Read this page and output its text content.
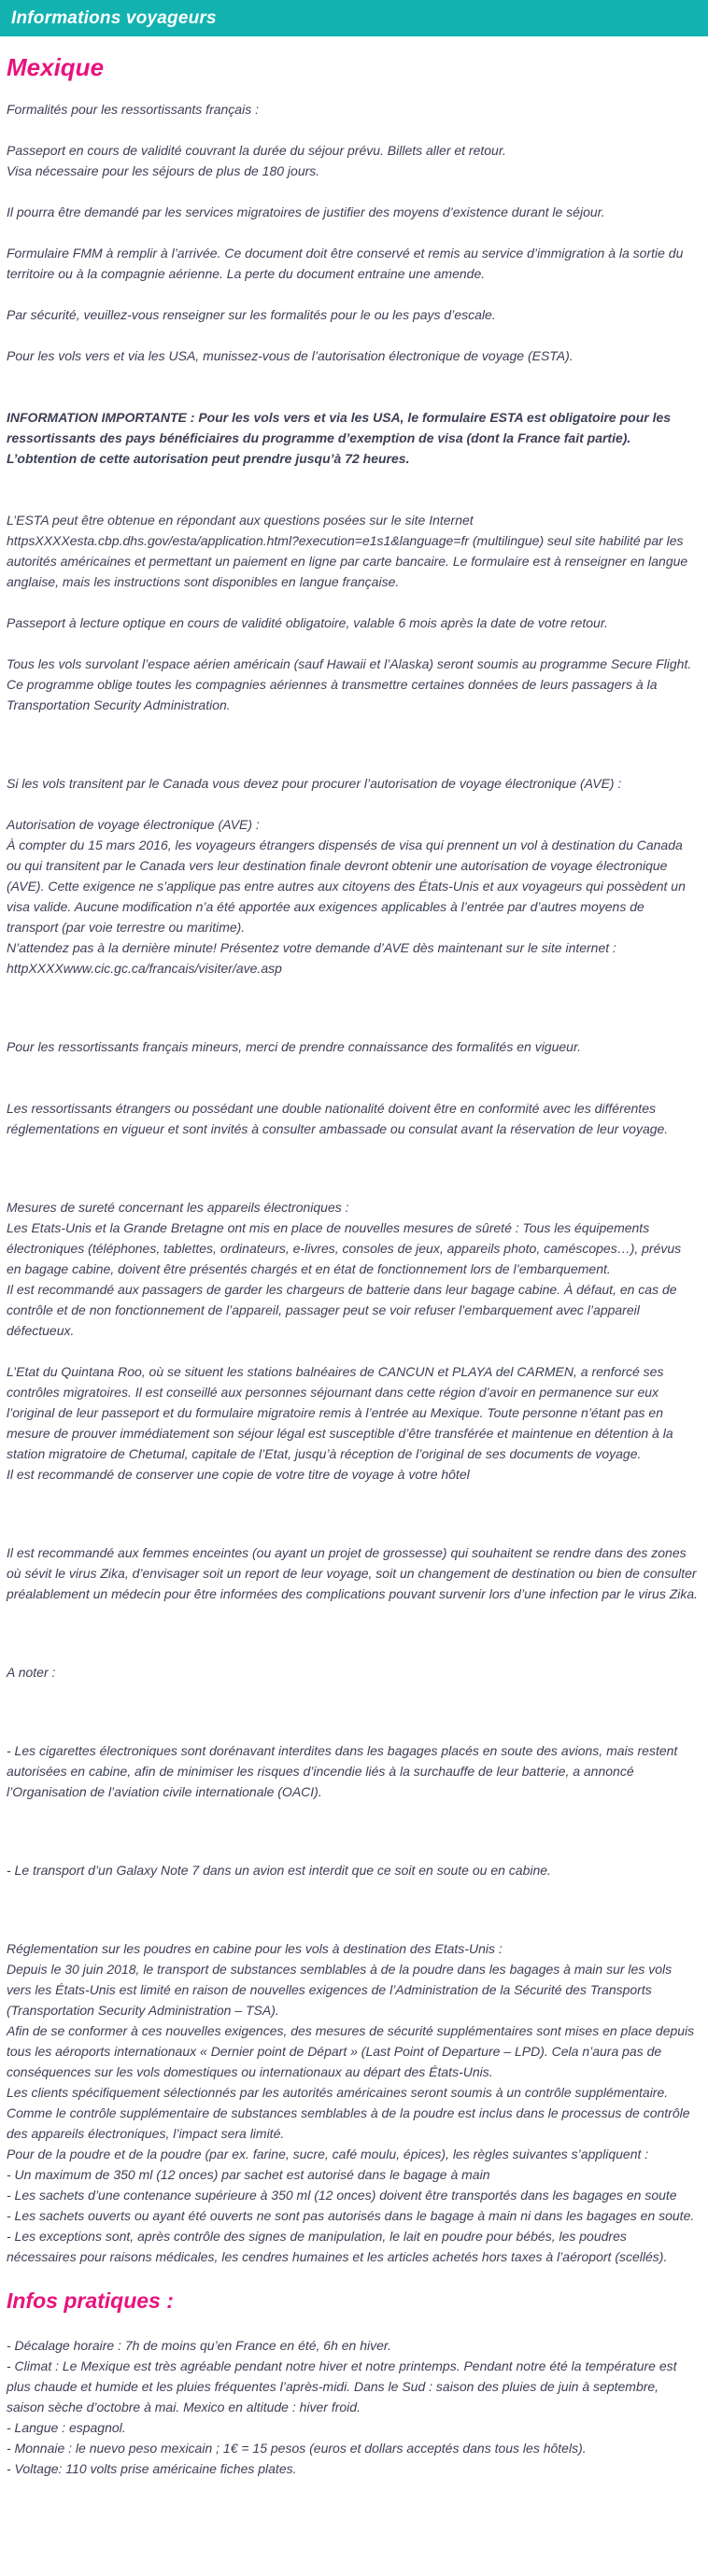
Informations voyageurs
Mexique

Formalités pour les ressortissants français :

Passeport en cours de validité couvrant la durée du séjour prévu. Billets aller et retour.
Visa nécessaire pour les séjours de plus de 180 jours.

Il pourra être demandé par les services migratoires de justifier des moyens d’existence durant le séjour.

Formulaire FMM à remplir à l’arrivée. Ce document doit être conservé et remis au service d’immigration à la sortie du territoire ou à la compagnie aérienne. La perte du document entraine une amende.

Par sécurité, veuillez-vous renseigner sur les formalités pour le ou les pays d’escale.

Pour les vols vers et via les USA, munissez-vous de l’autorisation électronique de voyage (ESTA).

INFORMATION IMPORTANTE : Pour les vols vers et via les USA, le formulaire ESTA est obligatoire pour les ressortissants des pays bénéficiaires du programme d’exemption de visa (dont la France fait partie). L’obtention de cette autorisation peut prendre jusqu’à 72 heures.

L’ESTA peut être obtenue en répondant aux questions posées sur le site Internet httpsXXXXesta.cbp.dhs.gov/esta/application.html?execution=e1s1&language=fr (multilingue) seul site habilité par les autorités américaines et permettant un paiement en ligne par carte bancaire. Le formulaire est à renseigner en langue anglaise, mais les instructions sont disponibles en langue française.

Passeport à lecture optique en cours de validité obligatoire, valable 6 mois après la date de votre retour.

Tous les vols survolant l’espace aérien américain (sauf Hawaii et l’Alaska) seront soumis au programme Secure Flight. Ce programme oblige toutes les compagnies aériennes à transmettre certaines données de leurs passagers à la Transportation Security Administration.

Si les vols transitent par le Canada vous devez pour procurer l’autorisation de voyage électronique (AVE) :

Autorisation de voyage électronique (AVE) :
À compter du 15 mars 2016, les voyageurs étrangers dispensés de visa qui prennent un vol à destination du Canada ou qui transitent par le Canada vers leur destination finale devront obtenir une autorisation de voyage électronique (AVE). Cette exigence ne s’applique pas entre autres aux citoyens des États-Unis et aux voyageurs qui possèdent un visa valide. Aucune modification n’a été apportée aux exigences applicables à l’entrée par d’autres moyens de transport (par voie terrestre ou maritime).
N’attendez pas à la dernière minute! Présentez votre demande d’AVE dès maintenant sur le site internet : httpXXXXwww.cic.gc.ca/francais/visiter/ave.asp

Pour les ressortissants français mineurs, merci de prendre connaissance des formalités en vigueur.

Les ressortissants étrangers ou possédant une double nationalité doivent être en conformité avec les différentes réglementations en vigueur et sont invités à consulter ambassade ou consulat avant la réservation de leur voyage.

Mesures de sureté concernant les appareils électroniques :
Les Etats-Unis et la Grande Bretagne ont mis en place de nouvelles mesures de sûreté : Tous les équipements électroniques (téléphones, tablettes, ordinateurs, e-livres, consoles de jeux, appareils photo, caméscopes…), prévus en bagage cabine, doivent être présentés chargés et en état de fonctionnement lors de l’embarquement.
Il est recommandé aux passagers de garder les chargeurs de batterie dans leur bagage cabine. À défaut, en cas de contrôle et de non fonctionnement de l’appareil, passager peut se voir refuser l’embarquement avec l’appareil défectueux.

L’Etat du Quintana Roo, où se situent les stations balnéaires de CANCUN et PLAYA del CARMEN, a renforcé ses contrôles migratoires. Il est conseillé aux personnes séjournant dans cette région d’avoir en permanence sur eux l’original de leur passeport et du formulaire migratoire remis à l’entrée au Mexique. Toute personne n’étant pas en mesure de prouver immédiatement son séjour légal est susceptible d’être transférée et maintenue en détention à la station migratoire de Chetumal, capitale de l’Etat, jusqu’à réception de l’original de ses documents de voyage.
Il est recommandé de conserver une copie de votre titre de voyage à votre hôtel

Il est recommandé aux femmes enceintes (ou ayant un projet de grossesse) qui souhaitent se rendre dans des zones où sévit le virus Zika, d’envisager soit un report de leur voyage, soit un changement de destination ou bien de consulter préalablement un médecin pour être informées des complications pouvant survenir lors d’une infection par le virus Zika.

A noter :

- Les cigarettes électroniques sont dorénavant interdites dans les bagages placés en soute des avions, mais restent autorisées en cabine, afin de minimiser les risques d’incendie liés à la surchauffe de leur batterie, a annoncé l’Organisation de l’aviation civile internationale (OACI).

- Le transport d’un Galaxy Note 7 dans un avion est interdit que ce soit en soute ou en cabine.

Réglementation sur les poudres en cabine pour les vols à destination des Etats-Unis :
Depuis le 30 juin 2018, le transport de substances semblables à de la poudre dans les bagages à main sur les vols vers les États-Unis est limité en raison de nouvelles exigences de l’Administration de la Sécurité des Transports (Transportation Security Administration – TSA).
Afin de se conformer à ces nouvelles exigences, des mesures de sécurité supplémentaires sont mises en place depuis tous les aéroports internationaux « Dernier point de Départ » (Last Point of Departure – LPD). Cela n’aura pas de conséquences sur les vols domestiques ou internationaux au départ des États-Unis.
Les clients spécifiquement sélectionnés par les autorités américaines seront soumis à un contrôle supplémentaire. Comme le contrôle supplémentaire de substances semblables à de la poudre est inclus dans le processus de contrôle des appareils électroniques, l’impact sera limité.
Pour de la poudre et de la poudre (par ex. farine, sucre, café moulu, épices), les règles suivantes s’appliquent :
- Un maximum de 350 ml (12 onces) par sachet est autorisé dans le bagage à main
- Les sachets d’une contenance supérieure à 350 ml (12 onces) doivent être transportés dans les bagages en soute
- Les sachets ouverts ou ayant été ouverts ne sont pas autorisés dans le bagage à main ni dans les bagages en soute.
- Les exceptions sont, après contrôle des signes de manipulation, le lait en poudre pour bébés, les poudres nécessaires pour raisons médicales, les cendres humaines et les articles achetés hors taxes à l’aéroport (scellés).

Infos pratiques :

- Décalage horaire : 7h de moins qu’en France en été, 6h en hiver.
- Climat : Le Mexique est très agréable pendant notre hiver et notre printemps. Pendant notre été la température est plus chaude et humide et les pluies fréquentes l’après-midi. Dans le Sud : saison des pluies de juin à septembre, saison sèche d’octobre à mai. Mexico en altitude : hiver froid.
- Langue : espagnol.
- Monnaie : le nuevo peso mexicain ; 1€ = 15 pesos (euros et dollars acceptés dans tous les hôtels).
- Voltage: 110 volts prise américaine fiches plates.
